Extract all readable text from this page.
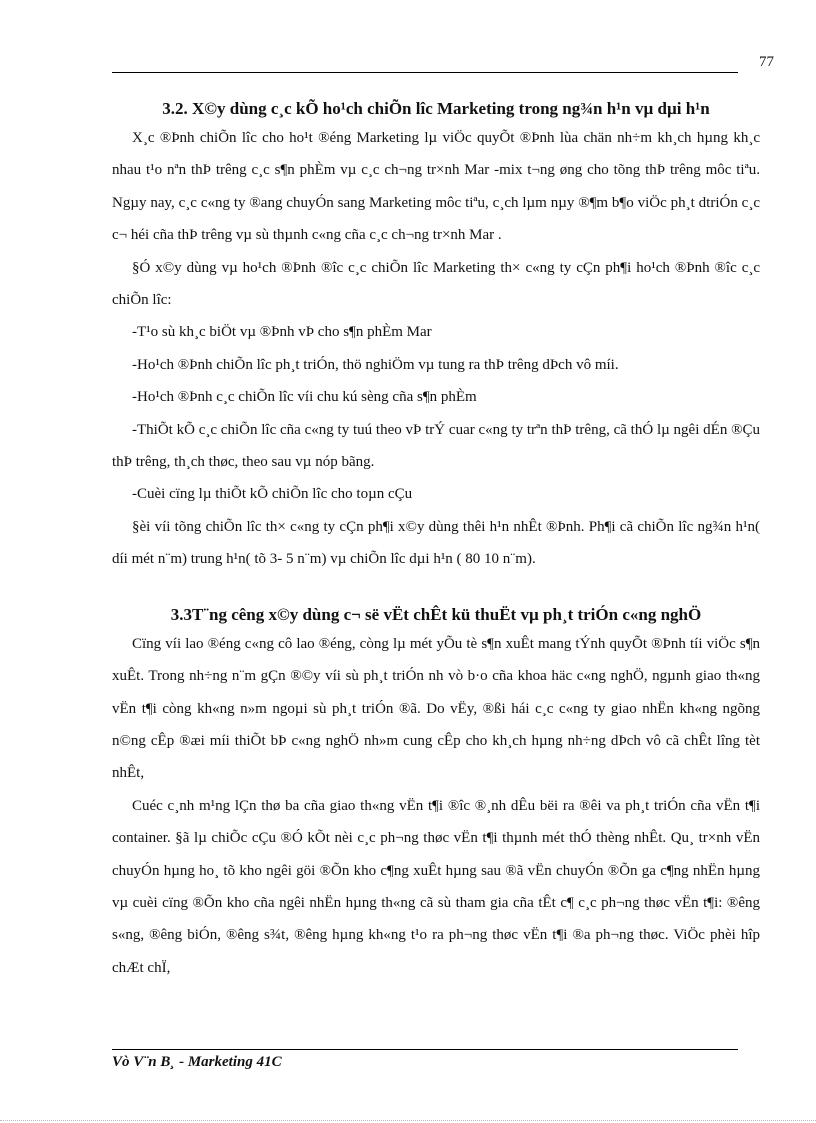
77
3.2. X©y dùng c¸c kÕ ho¹ch chiÕn lîc Marketing trong ng¾n h¹n vµ dµi h¹n

X¸c ®Þnh chiÕn lîc cho ho¹t ®éng Marketing lµ viÖc quyÕt ®Þnh lùa chän nh÷m kh¸ch hµng kh¸c nhau t¹o nªn thÞ trêng c¸c s¶n phÈm vµ c¸c ch¬ng tr×nh Mar -mix t¬ng øng cho tõng thÞ trêng môc tiªu. Ngµy nay, c¸c c«ng ty ®ang chuyÓn sang Marketing môc tiªu, c¸ch lµm nµy ®¶m b¶o viÖc ph¸t dtriÓn c¸c c¬ héi cña thÞ trêng vµ sù thµnh c«ng cña c¸c ch¬ng tr×nh Mar .

§Ó x©y dùng vµ ho¹ch ®Þnh ®îc c¸c chiÕn lîc Marketing th× c«ng ty cÇn ph¶i ho¹ch ®Þnh ®îc c¸c chiÕn lîc:

-T¹o sù kh¸c biÖt vµ ®Þnh vÞ cho s¶n phÈm Mar

-Ho¹ch ®Þnh chiÕn lîc ph¸t triÓn, thö nghiÖm vµ tung ra thÞ trêng dÞch vô míi.

-Ho¹ch ®Þnh c¸c chiÕn lîc víi chu kú sèng cña s¶n phÈm

-ThiÕt kÕ c¸c chiÕn lîc cña c«ng ty tuú theo vÞ trÝ cuar c«ng ty trªn thÞ trêng, cã thÓ lµ ngêi dÉn ®Çu thÞ trêng, th¸ch thøc, theo sau vµ nóp bãng.

-Cuèi cïng lµ thiÕt kÕ chiÕn lîc cho toµn cÇu

§èi víi tõng chiÕn lîc th× c«ng ty cÇn ph¶i x©y dùng thêi h¹n nhÊt ®Þnh. Ph¶i cã chiÕn lîc ng¾n h¹n( díi mét n¨m) trung h¹n( tõ 3- 5 n¨m) vµ chiÕn lîc dµi h¹n ( 80 10 n¨m).

3.3T¨ng cêng x©y dùng c¬ së vËt chÊt kü thuËt vµ ph¸t triÓn c«ng nghÖ

Cïng víi lao ®éng c«ng cô lao ®éng, còng lµ mét yÕu tè s¶n xuÊt mang tÝnh quyÕt ®Þnh tíi viÖc s¶n xuÊt. Trong nh÷ng n¨m gÇn ®©y víi sù ph¸t triÓn nh vò b·o cña khoa häc c«ng nghÖ, ngµnh giao th«ng vËn t¶i còng kh«ng n»m ngoµi sù ph¸t triÓn ®ã. Do vËy, ®ßi hái c¸c c«ng ty giao nhËn kh«ng ngõng n©ng cÊp ®æi míi thiÕt bÞ c«ng nghÖ nh»m cung cÊp cho kh¸ch hµng nh÷ng dÞch vô cã chÊt lîng tèt nhÊt,

Cuéc c¸nh m¹ng lÇn thø ba cña giao th«ng vËn t¶i ®îc ®¸nh dÊu bëi ra ®êi va ph¸t triÓn cña vËn t¶i container. §ã lµ chiÕc cÇu ®Ó kÕt nèi c¸c ph¬ng thøc vËn t¶i thµnh mét thÓ thèng nhÊt. Qu¸ tr×nh vËn chuyÓn hµng ho¸ tõ kho ngêi göi ®Õn kho c¶ng xuÊt hµng sau ®ã vËn chuyÓn ®Õn ga c¶ng nhËn hµng vµ cuèi cïng ®Õn kho cña ngêi nhËn hµng th«ng cã sù tham gia cña tÊt c¶ c¸c ph¬ng thøc vËn t¶i: ®êng s«ng, ®êng biÓn, ®êng s¾t, ®êng hµng kh«ng t¹o ra ph¬ng thøc vËn t¶i ®a ph¬ng thøc. ViÖc phèi hîp chÆt chÏ,

Vò V¨n B¸ - Marketing 41C
